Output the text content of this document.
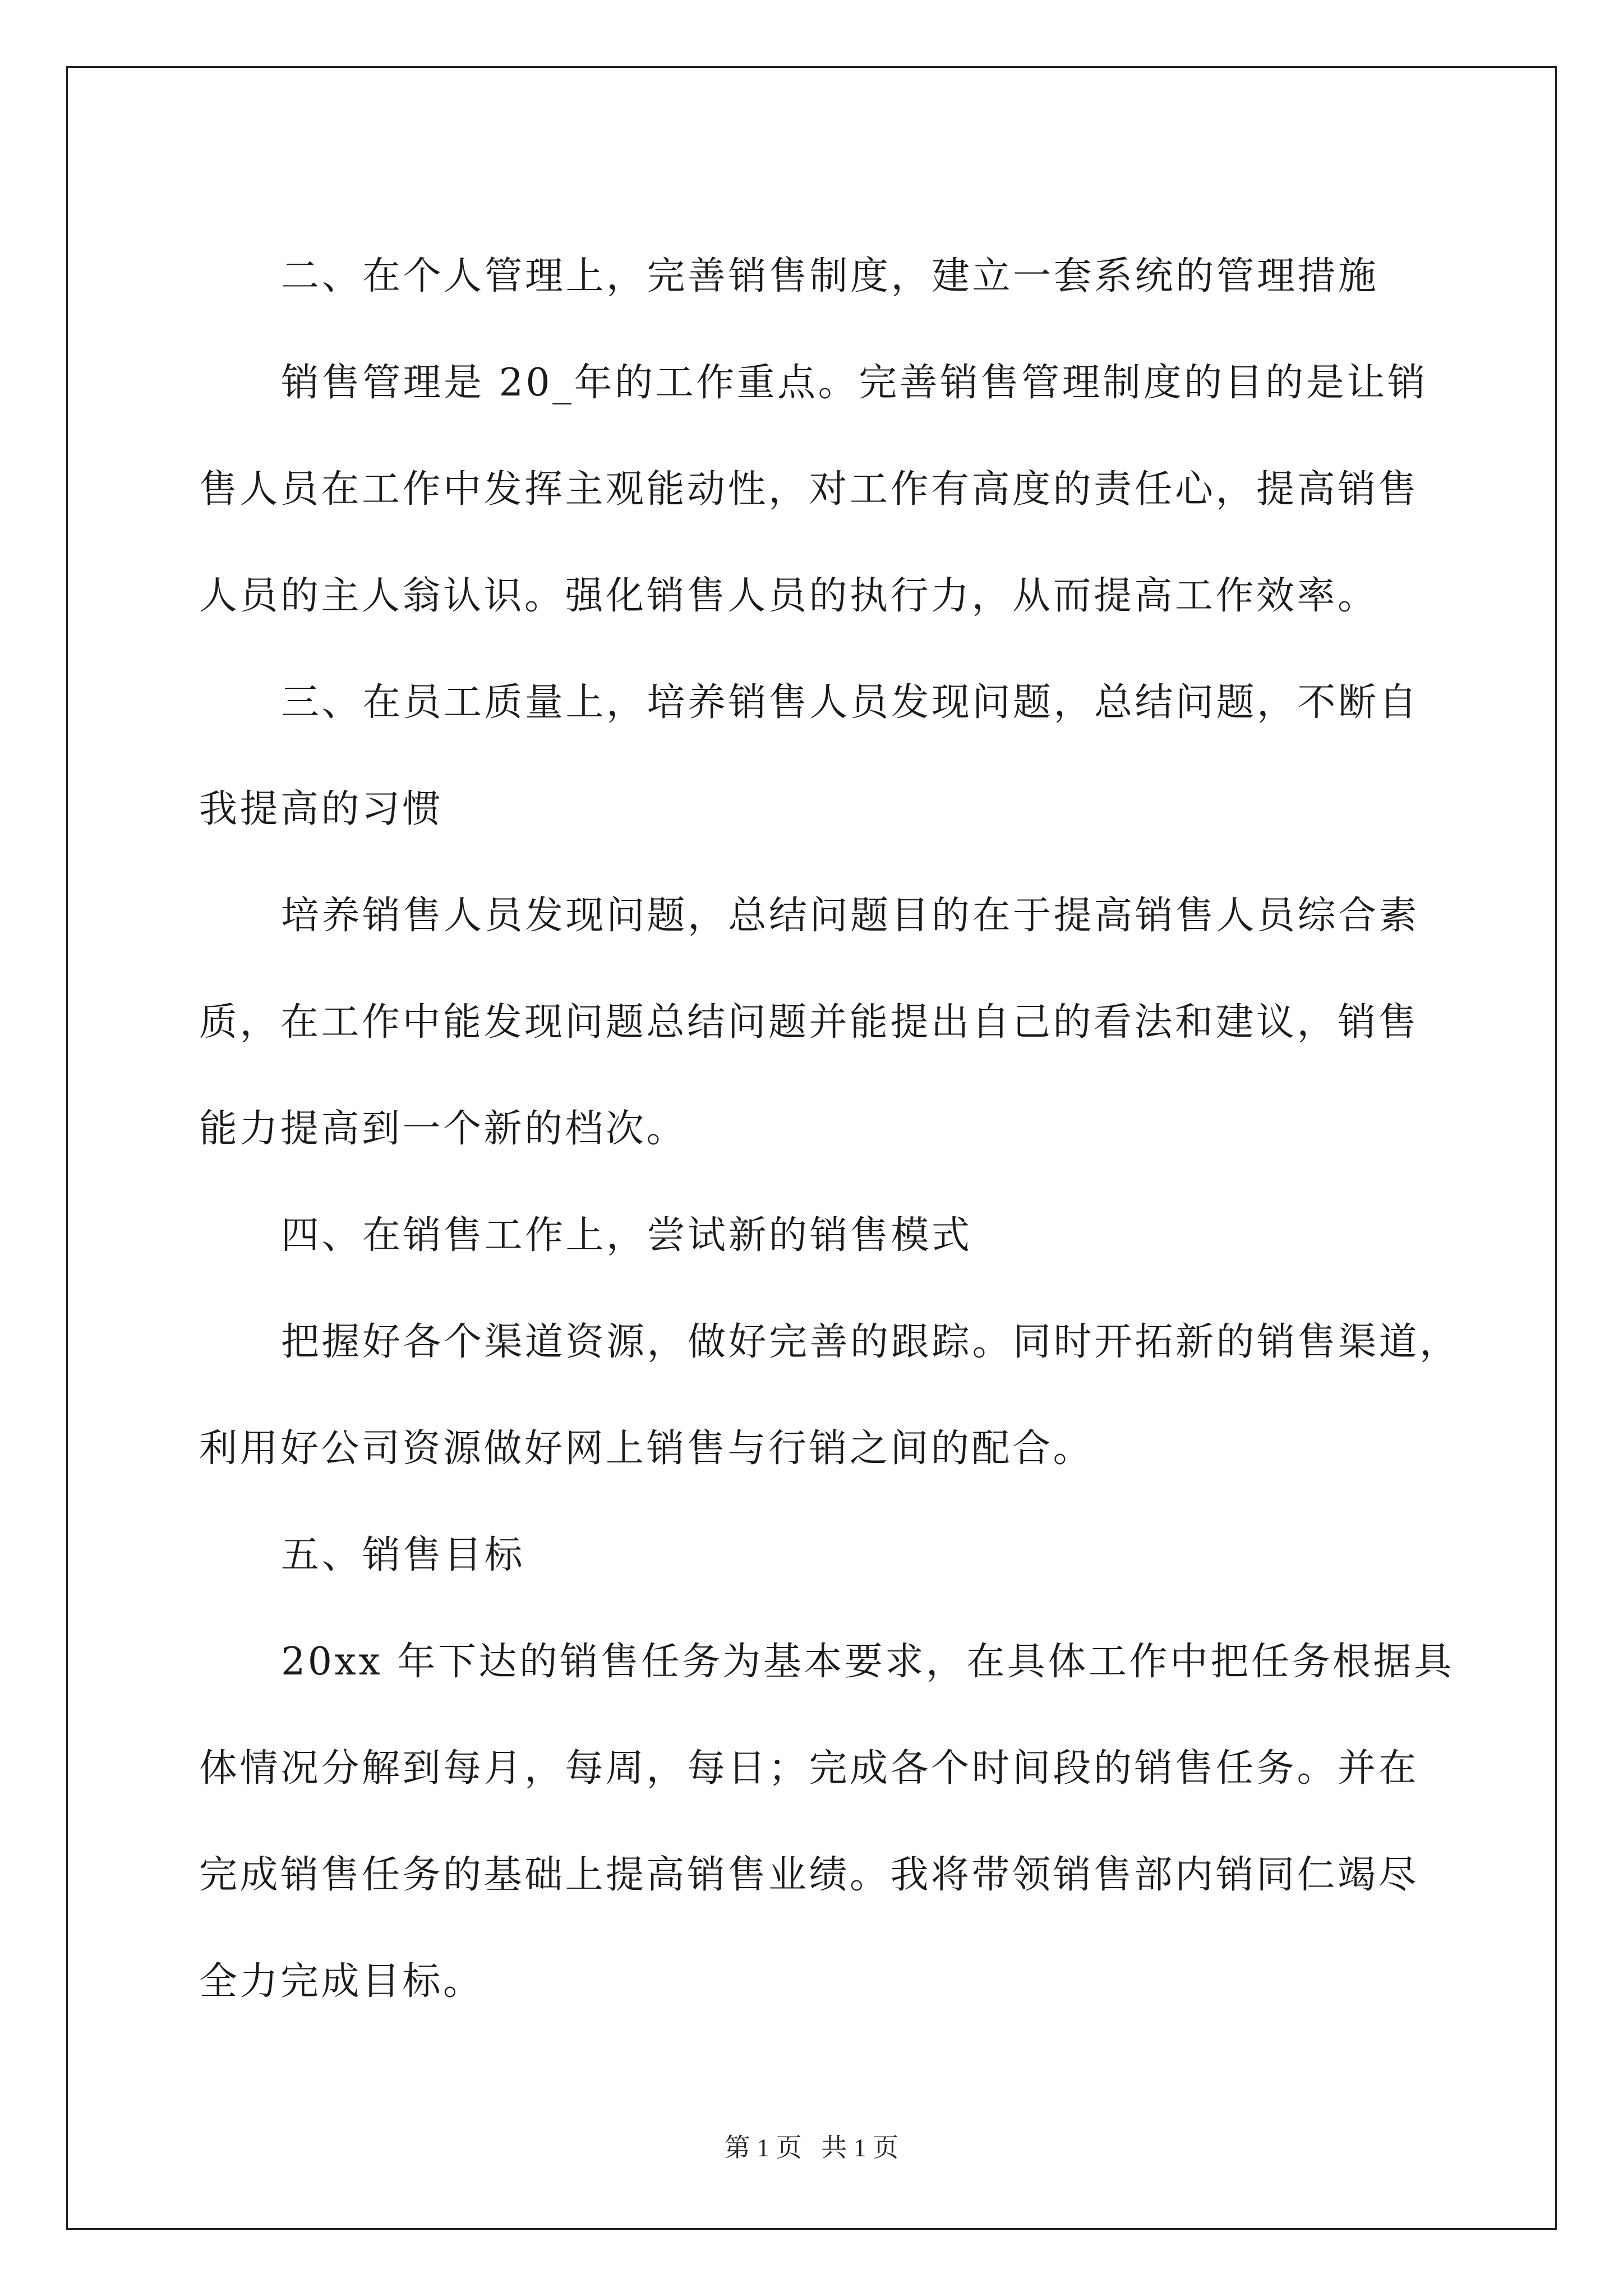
二、在个人管理上，完善销售制度，建立一套系统的管理措施

销售管理是 20_年的工作重点。完善销售管理制度的目的是让销

售人员在工作中发挥主观能动性，对工作有高度的责任心，提高销售

人员的主人翁认识。强化销售人员的执行力，从而提高工作效率。

三、在员工质量上，培养销售人员发现问题，总结问题，不断自

我提高的习惯

培养销售人员发现问题，总结问题目的在于提高销售人员综合素

质，在工作中能发现问题总结问题并能提出自己的看法和建议，销售

能力提高到一个新的档次。

四、在销售工作上，尝试新的销售模式

把握好各个渠道资源，做好完善的跟踪。同时开拓新的销售渠道，

利用好公司资源做好网上销售与行销之间的配合。

五、销售目标

20xx 年下达的销售任务为基本要求，在具体工作中把任务根据具

体情况分解到每月，每周，每日；完成各个时间段的销售任务。并在

完成销售任务的基础上提高销售业绩。我将带领销售部内销同仁竭尽

全力完成目标。

第 1 页   共 1 页
